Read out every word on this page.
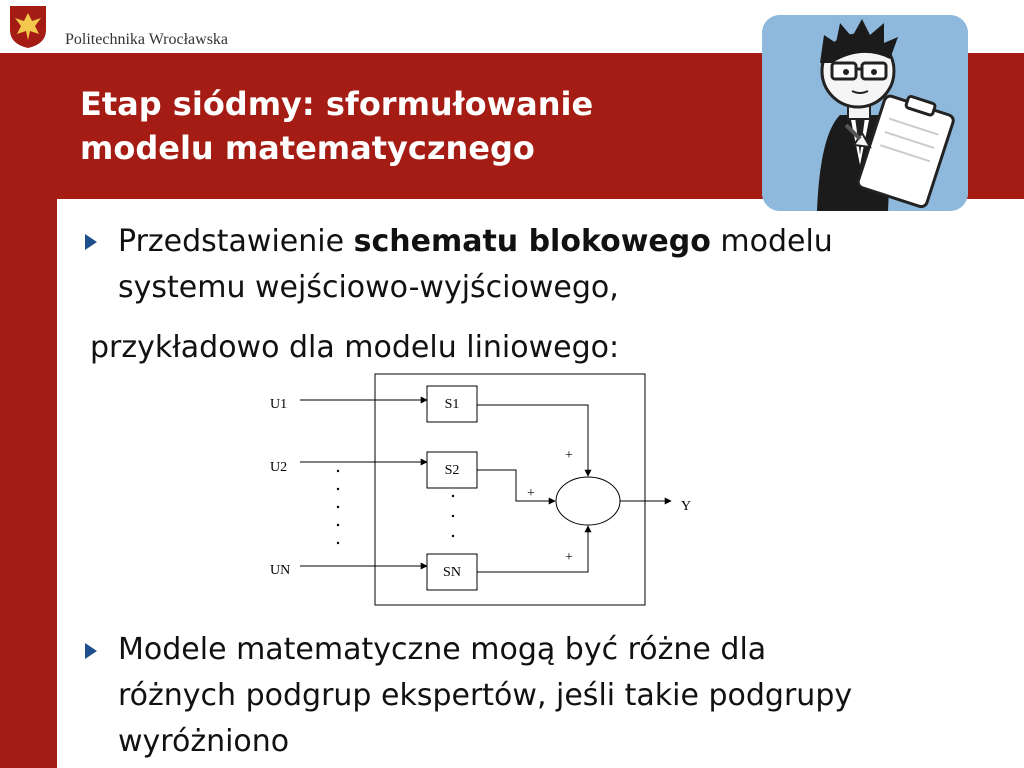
Politechnika Wrocławska
Etap siódmy: sformułowanie
modelu matematycznego
Przedstawienie schematu blokowego modelu
systemu wejściowo-wyjściowego,
przykładowo dla modelu liniowego:
U1
U2
UN
S1
S2
SN
+
+
+
Y
Modele matematyczne mogą być różne dla
różnych podgrup ekspertów, jeśli takie podgrupy
wyróżniono
